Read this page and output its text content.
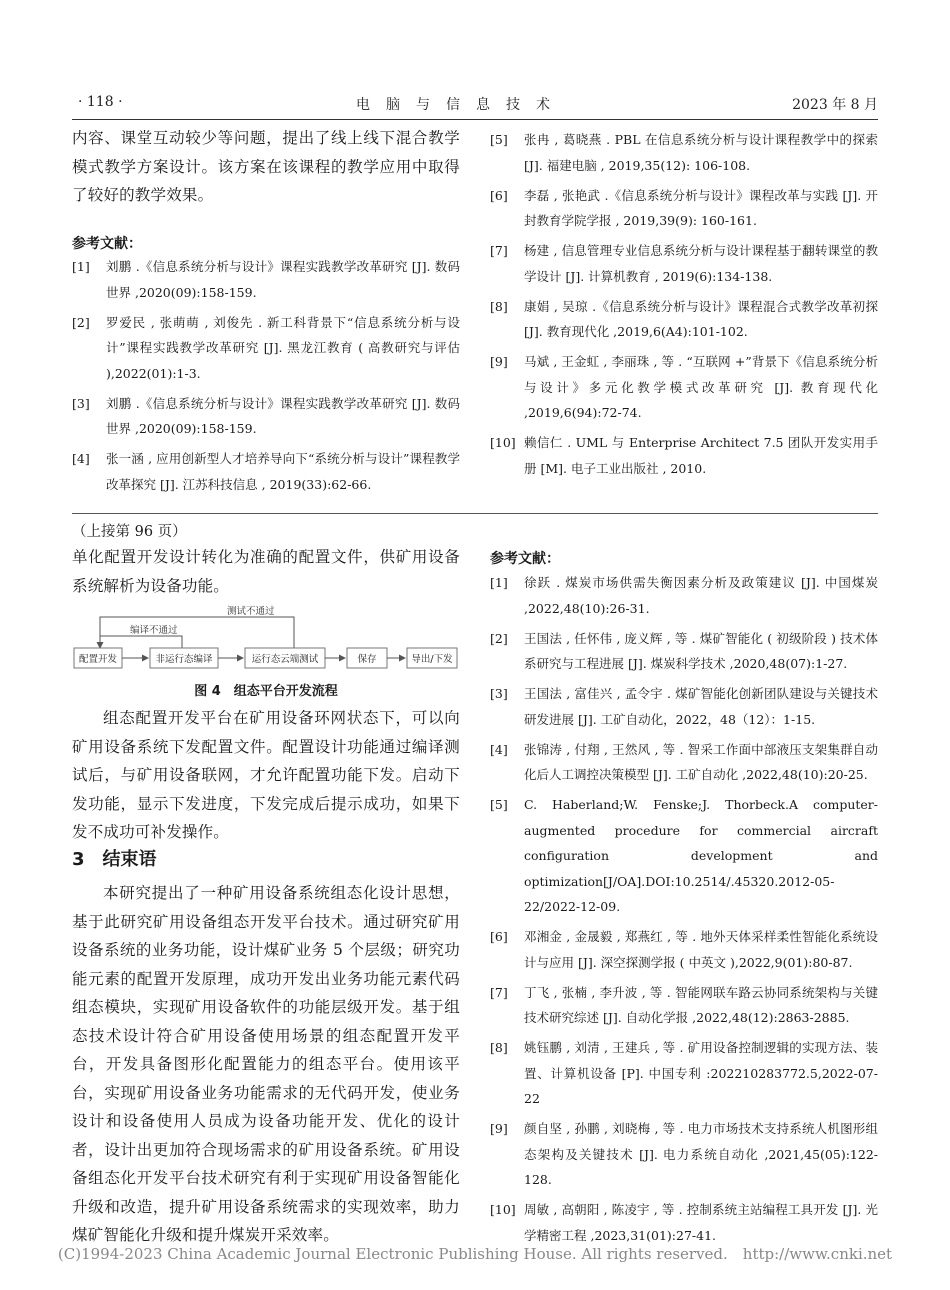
· 118 ·	电　脑　与　信　息　技　术	2023 年 8 月

内容、课堂互动较少等问题，提出了线上线下混合教学模式教学方案设计。该方案在该课程的教学应用中取得了较好的教学效果。

参考文献：
[1] 刘鹏 .《信息系统分析与设计》课程实践教学改革研究 [J]. 数码世界 ,2020(09):158-159.
[2] 罗爱民 , 张萌萌 , 刘俊先 . 新工科背景下“信息系统分析与设计”课程实践教学改革研究 [J]. 黑龙江教育 ( 高教研究与评估 ),2022(01):1-3.
[3] 刘鹏 .《信息系统分析与设计》课程实践教学改革研究 [J]. 数码世界 ,2020(09):158-159.
[4] 张一涵 , 应用创新型人才培养导向下“系统分析与设计”课程教学改革探究 [J]. 江苏科技信息 , 2019(33):62-66.
[5] 张冉 , 葛晓燕 . PBL 在信息系统分析与设计课程教学中的探索 [J]. 福建电脑 , 2019,35(12): 106-108.
[6] 李磊 , 张艳武 .《信息系统分析与设计》课程改革与实践 [J]. 开封教育学院学报 , 2019,39(9): 160-161.
[7] 杨建 , 信息管理专业信息系统分析与设计课程基于翻转课堂的教学设计 [J]. 计算机教育 , 2019(6):134-138.
[8] 康娟 , 吴琼 .《信息系统分析与设计》课程混合式教学改革初探 [J]. 教育现代化 ,2019,6(A4):101-102.
[9] 马斌 , 王金虹 , 李丽珠 , 等 . “互联网 +”背景下《信息系统分析与设计》多元化教学模式改革研究 [J]. 教育现代化 ,2019,6(94):72-74.
[10] 赖信仁 . UML 与 Enterprise Architect 7.5 团队开发实用手册 [M]. 电子工业出版社 , 2010.
（上接第 96 页）

单化配置开发设计转化为准确的配置文件，供矿用设备系统解析为设备功能。

测试不通过
编译不通过
配置开发	非运行态编译	运行态云端测试	保存	导出/下发
图 4　组态平台开发流程

组态配置开发平台在矿用设备环网状态下，可以向矿用设备系统下发配置文件。配置设计功能通过编译测试后，与矿用设备联网，才允许配置功能下发。启动下发功能，显示下发进度，下发完成后提示成功，如果下发不成功可补发操作。

3　结束语

本研究提出了一种矿用设备系统组态化设计思想，基于此研究矿用设备组态开发平台技术。通过研究矿用设备系统的业务功能，设计煤矿业务 5 个层级；研究功能元素的配置开发原理，成功开发出业务功能元素代码组态模块，实现矿用设备软件的功能层级开发。基于组态技术设计符合矿用设备使用场景的组态配置开发平台，开发具备图形化配置能力的组态平台。使用该平台，实现矿用设备业务功能需求的无代码开发，使业务设计和设备使用人员成为设备功能开发、优化的设计者，设计出更加符合现场需求的矿用设备系统。矿用设备组态化开发平台技术研究有利于实现矿用设备智能化升级和改造，提升矿用设备系统需求的实现效率，助力煤矿智能化升级和提升煤炭开采效率。

参考文献：
[1] 徐跃 . 煤炭市场供需失衡因素分析及政策建议 [J]. 中国煤炭 ,2022,48(10):26-31.
[2] 王国法 , 任怀伟 , 庞义辉 , 等 . 煤矿智能化 ( 初级阶段 ) 技术体系研究与工程进展 [J]. 煤炭科学技术 ,2020,48(07):1-27.
[3] 王国法 , 富佳兴 , 孟令宇 . 煤矿智能化创新团队建设与关键技术研发进展 [J]. 工矿自动化，2022，48（12）：1-15.
[4] 张锦涛 , 付翔 , 王然风 , 等 . 智采工作面中部液压支架集群自动化后人工调控决策模型 [J]. 工矿自动化 ,2022,48(10):20-25.
[5] C. Haberland;W. Fenske;J. Thorbeck.A computer-augmented procedure for commercial aircraft configuration development and optimization[J/OA].DOI:10.2514/.45320.2012-05-22/2022-12-09.
[6] 邓湘金 , 金晟毅 , 郑燕红 , 等 . 地外天体采样柔性智能化系统设计与应用 [J]. 深空探测学报 ( 中英文 ),2022,9(01):80-87.
[7] 丁飞 , 张楠 , 李升波 , 等 . 智能网联车路云协同系统架构与关键技术研究综述 [J]. 自动化学报 ,2022,48(12):2863-2885.
[8] 姚钰鹏 , 刘清 , 王建兵 , 等 . 矿用设备控制逻辑的实现方法、装置、计算机设备 [P]. 中国专利 :202210283772.5,2022-07-22
[9] 颜自坚 , 孙鹏 , 刘晓梅 , 等 . 电力市场技术支持系统人机图形组态架构及关键技术 [J]. 电力系统自动化 ,2021,45(05):122-128.
[10] 周敏 , 高朝阳 , 陈凌宇 , 等 . 控制系统主站编程工具开发 [J]. 光学精密工程 ,2023,31(01):27-41.
(C)1994-2023 China Academic Journal Electronic Publishing House. All rights reserved.　http://www.cnki.net
